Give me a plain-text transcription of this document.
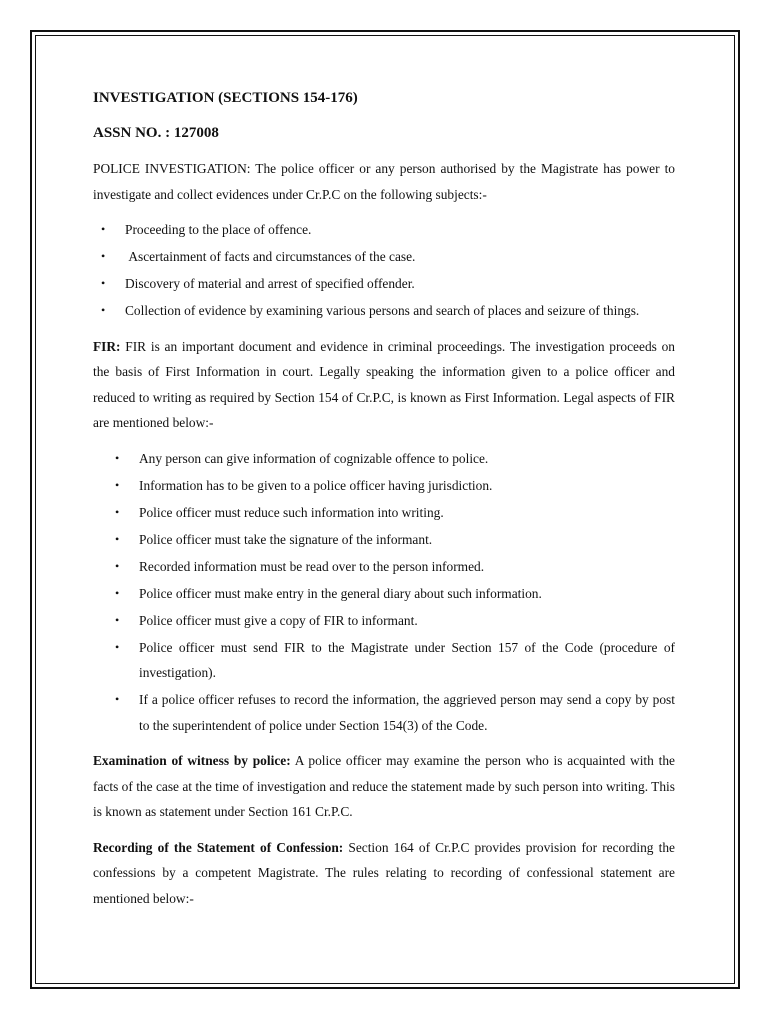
INVESTIGATION (SECTIONS 154-176)
ASSN NO. : 127008

POLICE INVESTIGATION: The police officer or any person authorised by the Magistrate has power to investigate and collect evidences under Cr.P.C on the following subjects:-

• Proceeding to the place of offence.
• Ascertainment of facts and circumstances of the case.
• Discovery of material and arrest of specified offender.
• Collection of evidence by examining various persons and search of places and seizure of things.

FIR: FIR is an important document and evidence in criminal proceedings. The investigation proceeds on the basis of First Information in court. Legally speaking the information given to a police officer and reduced to writing as required by Section 154 of Cr.P.C, is known as First Information. Legal aspects of FIR are mentioned below:-

• Any person can give information of cognizable offence to police.
• Information has to be given to a police officer having jurisdiction.
• Police officer must reduce such information into writing.
• Police officer must take the signature of the informant.
• Recorded information must be read over to the person informed.
• Police officer must make entry in the general diary about such information.
• Police officer must give a copy of FIR to informant.
• Police officer must send FIR to the Magistrate under Section 157 of the Code (procedure of investigation).
• If a police officer refuses to record the information, the aggrieved person may send a copy by post to the superintendent of police under Section 154(3) of the Code.

Examination of witness by police: A police officer may examine the person who is acquainted with the facts of the case at the time of investigation and reduce the statement made by such person into writing. This is known as statement under Section 161 Cr.P.C.

Recording of the Statement of Confession: Section 164 of Cr.P.C provides provision for recording the confessions by a competent Magistrate. The rules relating to recording of confessional statement are mentioned below:-
